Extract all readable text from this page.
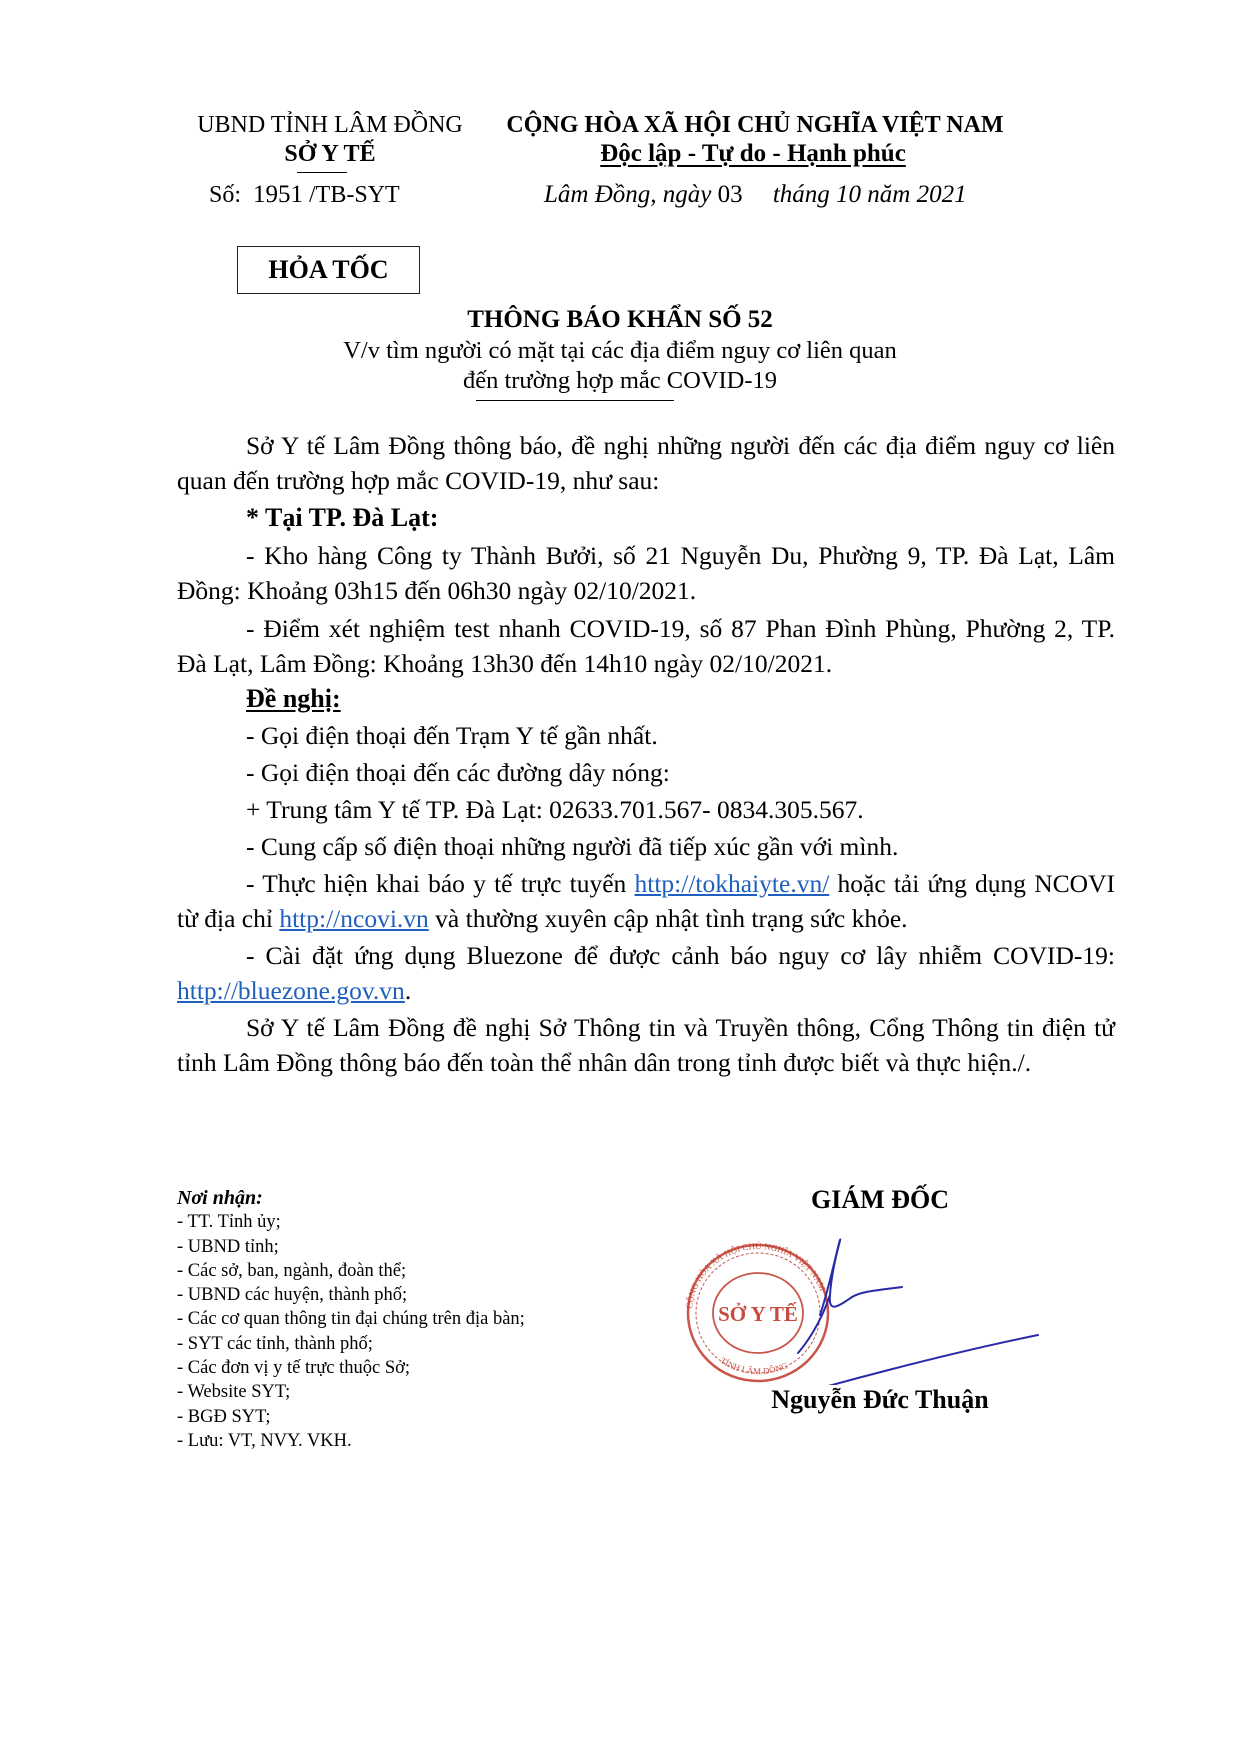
UBND TỈNH LÂM ĐỒNG
SỞ Y TẾ
Số: 1951 /TB-SYT
HỎA TỐC
CỘNG HÒA XÃ HỘI CHỦ NGHĨA VIỆT NAM
Độc lập - Tự do - Hạnh phúc
Lâm Đồng, ngày 03 tháng 10 năm 2021
THÔNG BÁO KHẨN SỐ 52
V/v tìm người có mặt tại các địa điểm nguy cơ liên quan
đến trường hợp mắc COVID-19

Sở Y tế Lâm Đồng thông báo, đề nghị những người đến các địa điểm nguy cơ liên quan đến trường hợp mắc COVID-19, như sau:

* Tại TP. Đà Lạt:

- Kho hàng Công ty Thành Bưởi, số 21 Nguyễn Du, Phường 9, TP. Đà Lạt, Lâm Đồng: Khoảng 03h15 đến 06h30 ngày 02/10/2021.

- Điểm xét nghiệm test nhanh COVID-19, số 87 Phan Đình Phùng, Phường 2, TP. Đà Lạt, Lâm Đồng: Khoảng 13h30 đến 14h10 ngày 02/10/2021.

Đề nghị:

- Gọi điện thoại đến Trạm Y tế gần nhất.

- Gọi điện thoại đến các đường dây nóng:

+ Trung tâm Y tế TP. Đà Lạt: 02633.701.567- 0834.305.567.

- Cung cấp số điện thoại những người đã tiếp xúc gần với mình.

- Thực hiện khai báo y tế trực tuyến http://tokhaiyte.vn/ hoặc tải ứng dụng NCOVI từ địa chỉ http://ncovi.vn và thường xuyên cập nhật tình trạng sức khỏe.

- Cài đặt ứng dụng Bluezone để được cảnh báo nguy cơ lây nhiễm COVID-19: http://bluezone.gov.vn.

Sở Y tế Lâm Đồng đề nghị Sở Thông tin và Truyền thông, Cổng Thông tin điện tử tỉnh Lâm Đồng thông báo đến toàn thể nhân dân trong tỉnh được biết và thực hiện./.

Nơi nhận:
- TT. Tỉnh ủy;
- UBND tỉnh;
- Các sở, ban, ngành, đoàn thể;
- UBND các huyện, thành phố;
- Các cơ quan thông tin đại chúng trên địa bàn;
- SYT các tỉnh, thành phố;
- Các đơn vị y tế trực thuộc Sở;
- Website SYT;
- BGĐ SYT;
- Lưu: VT, NVY. VKH.
GIÁM ĐỐC
CỘNG HÒA XÃ HỘI CHỦ NGHĨA VIỆT NAM
TỈNH LÂM ĐỒNG
SỞ Y TẾ
Nguyễn Đức Thuận
